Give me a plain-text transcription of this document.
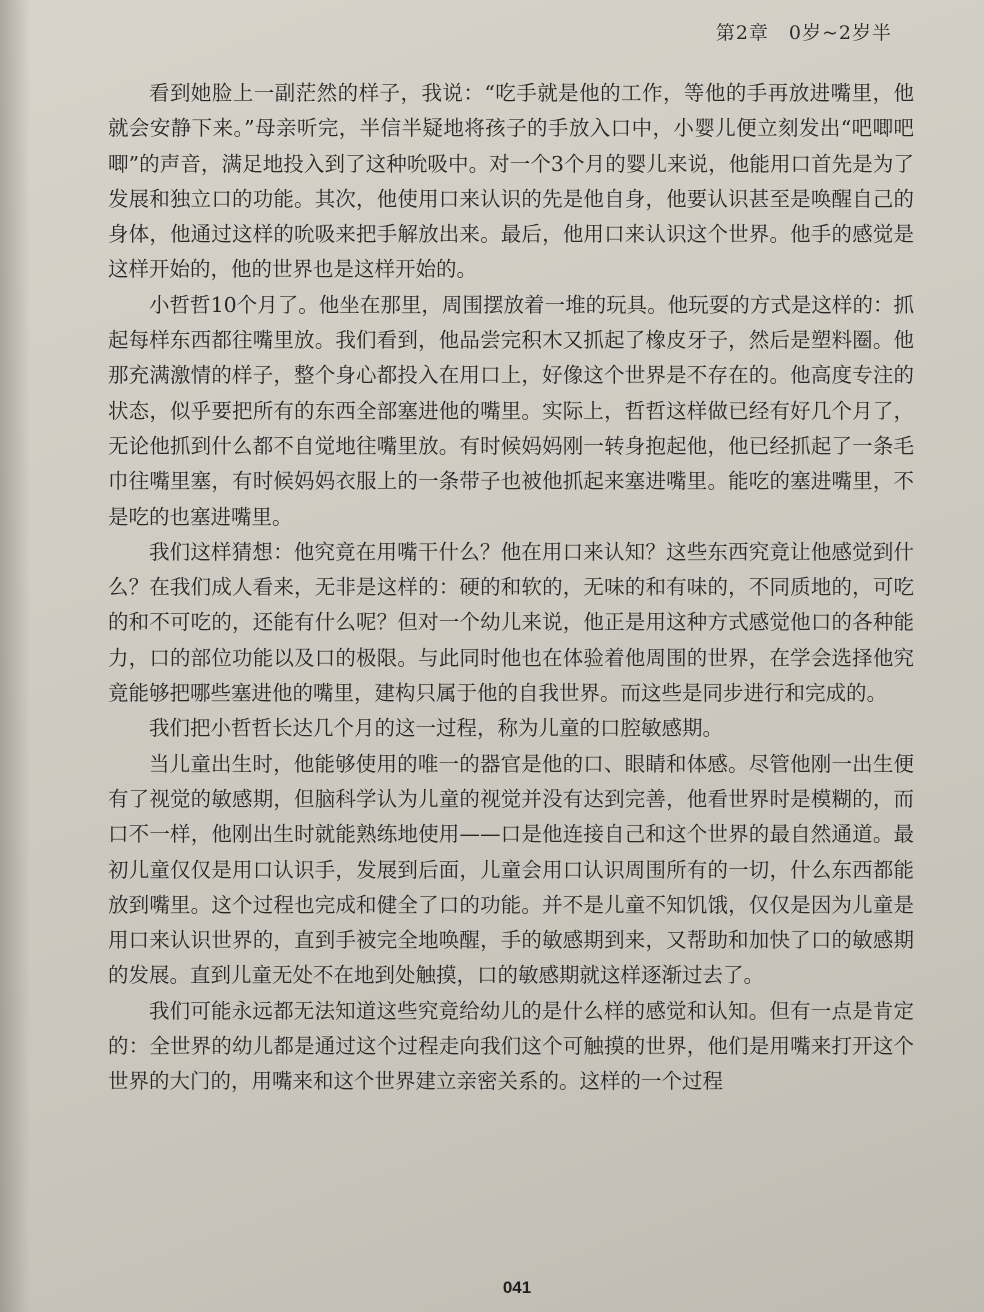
第2章　0岁~2岁半

看到她脸上一副茫然的样子，我说：“吃手就是他的工作，等他的手再放进嘴里，他就会安静下来。”母亲听完，半信半疑地将孩子的手放入口中，小婴儿便立刻发出“吧唧吧唧”的声音，满足地投入到了这种吮吸中。对一个3个月的婴儿来说，他能用口首先是为了发展和独立口的功能。其次，他使用口来认识的先是他自身，他要认识甚至是唤醒自己的身体，他通过这样的吮吸来把手解放出来。最后，他用口来认识这个世界。他手的感觉是这样开始的，他的世界也是这样开始的。

小哲哲10个月了。他坐在那里，周围摆放着一堆的玩具。他玩耍的方式是这样的：抓起每样东西都往嘴里放。我们看到，他品尝完积木又抓起了橡皮牙子，然后是塑料圈。他那充满激情的样子，整个身心都投入在用口上，好像这个世界是不存在的。他高度专注的状态，似乎要把所有的东西全部塞进他的嘴里。实际上，哲哲这样做已经有好几个月了，无论他抓到什么都不自觉地往嘴里放。有时候妈妈刚一转身抱起他，他已经抓起了一条毛巾往嘴里塞，有时候妈妈衣服上的一条带子也被他抓起来塞进嘴里。能吃的塞进嘴里，不是吃的也塞进嘴里。

我们这样猜想：他究竟在用嘴干什么？他在用口来认知？这些东西究竟让他感觉到什么？在我们成人看来，无非是这样的：硬的和软的，无味的和有味的，不同质地的，可吃的和不可吃的，还能有什么呢？但对一个幼儿来说，他正是用这种方式感觉他口的各种能力，口的部位功能以及口的极限。与此同时他也在体验着他周围的世界，在学会选择他究竟能够把哪些塞进他的嘴里，建构只属于他的自我世界。而这些是同步进行和完成的。

我们把小哲哲长达几个月的这一过程，称为儿童的口腔敏感期。

当儿童出生时，他能够使用的唯一的器官是他的口、眼睛和体感。尽管他刚一出生便有了视觉的敏感期，但脑科学认为儿童的视觉并没有达到完善，他看世界时是模糊的，而口不一样，他刚出生时就能熟练地使用——口是他连接自己和这个世界的最自然通道。最初儿童仅仅是用口认识手，发展到后面，儿童会用口认识周围所有的一切，什么东西都能放到嘴里。这个过程也完成和健全了口的功能。并不是儿童不知饥饿，仅仅是因为儿童是用口来认识世界的，直到手被完全地唤醒，手的敏感期到来，又帮助和加快了口的敏感期的发展。直到儿童无处不在地到处触摸，口的敏感期就这样逐渐过去了。

我们可能永远都无法知道这些究竟给幼儿的是什么样的感觉和认知。但有一点是肯定的：全世界的幼儿都是通过这个过程走向我们这个可触摸的世界，他们是用嘴来打开这个世界的大门的，用嘴来和这个世界建立亲密关系的。这样的一个过程

041
